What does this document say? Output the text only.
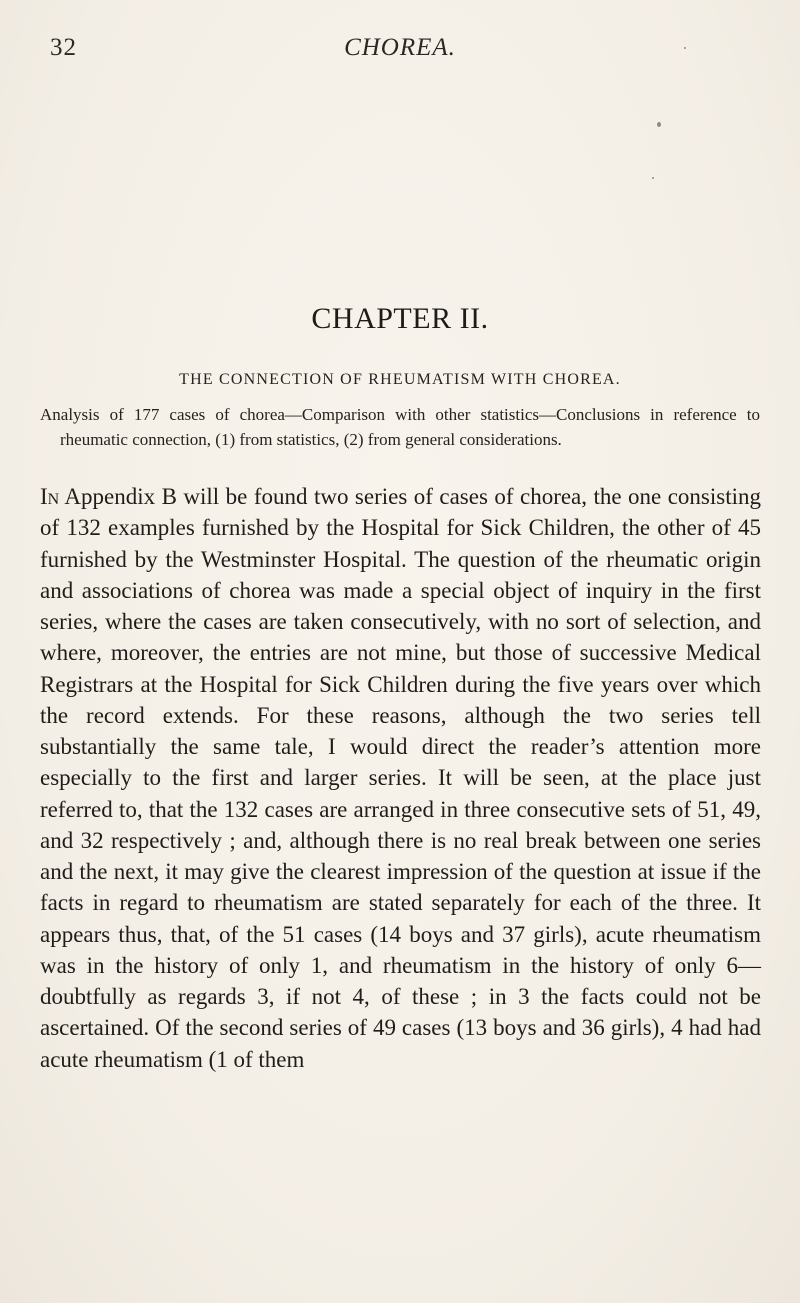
32	CHOREA.
CHAPTER II.
THE CONNECTION OF RHEUMATISM WITH CHOREA.

Analysis of 177 cases of chorea—Comparison with other statistics—Conclusions in reference to rheumatic connection, (1) from statistics, (2) from general considerations.

In Appendix B will be found two series of cases of chorea, the one consisting of 132 examples furnished by the Hospital for Sick Children, the other of 45 furnished by the Westminster Hospital. The question of the rheumatic origin and associations of chorea was made a special object of inquiry in the first series, where the cases are taken consecutively, with no sort of selection, and where, moreover, the entries are not mine, but those of successive Medical Registrars at the Hospital for Sick Children during the five years over which the record extends. For these reasons, although the two series tell substantially the same tale, I would direct the reader’s attention more especially to the first and larger series. It will be seen, at the place just referred to, that the 132 cases are arranged in three consecutive sets of 51, 49, and 32 respectively ; and, although there is no real break between one series and the next, it may give the clearest impression of the question at issue if the facts in regard to rheumatism are stated separately for each of the three. It appears thus, that, of the 51 cases (14 boys and 37 girls), acute rheumatism was in the history of only 1, and rheumatism in the history of only 6—doubtfully as regards 3, if not 4, of these ; in 3 the facts could not be ascertained. Of the second series of 49 cases (13 boys and 36 girls), 4 had had acute rheumatism (1 of them
